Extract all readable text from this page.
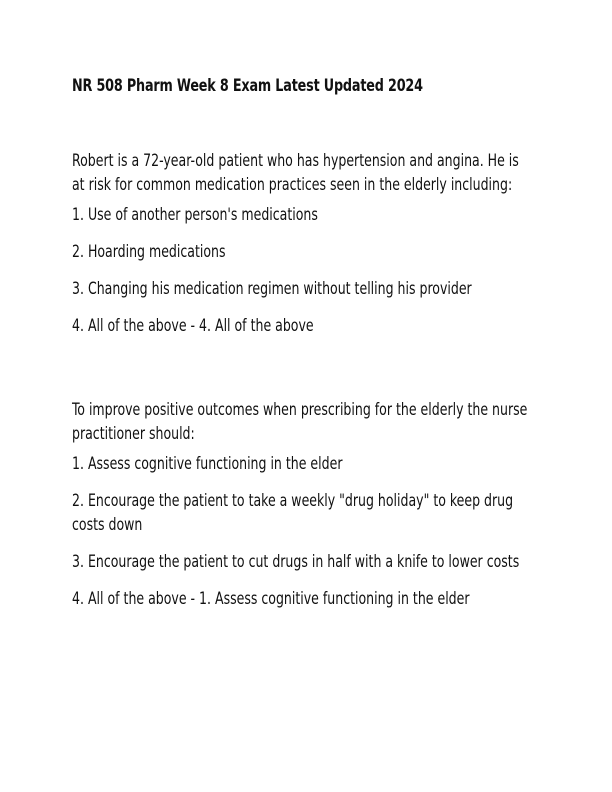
NR 508 Pharm Week 8 Exam Latest Updated 2024

Robert is a 72-year-old patient who has hypertension and angina. He is at risk for common medication practices seen in the elderly including:

1. Use of another person's medications
2. Hoarding medications
3. Changing his medication regimen without telling his provider
4. All of the above - 4. All of the above

To improve positive outcomes when prescribing for the elderly the nurse practitioner should:

1. Assess cognitive functioning in the elder
2. Encourage the patient to take a weekly "drug holiday" to keep drug costs down
3. Encourage the patient to cut drugs in half with a knife to lower costs
4. All of the above - 1. Assess cognitive functioning in the elder
